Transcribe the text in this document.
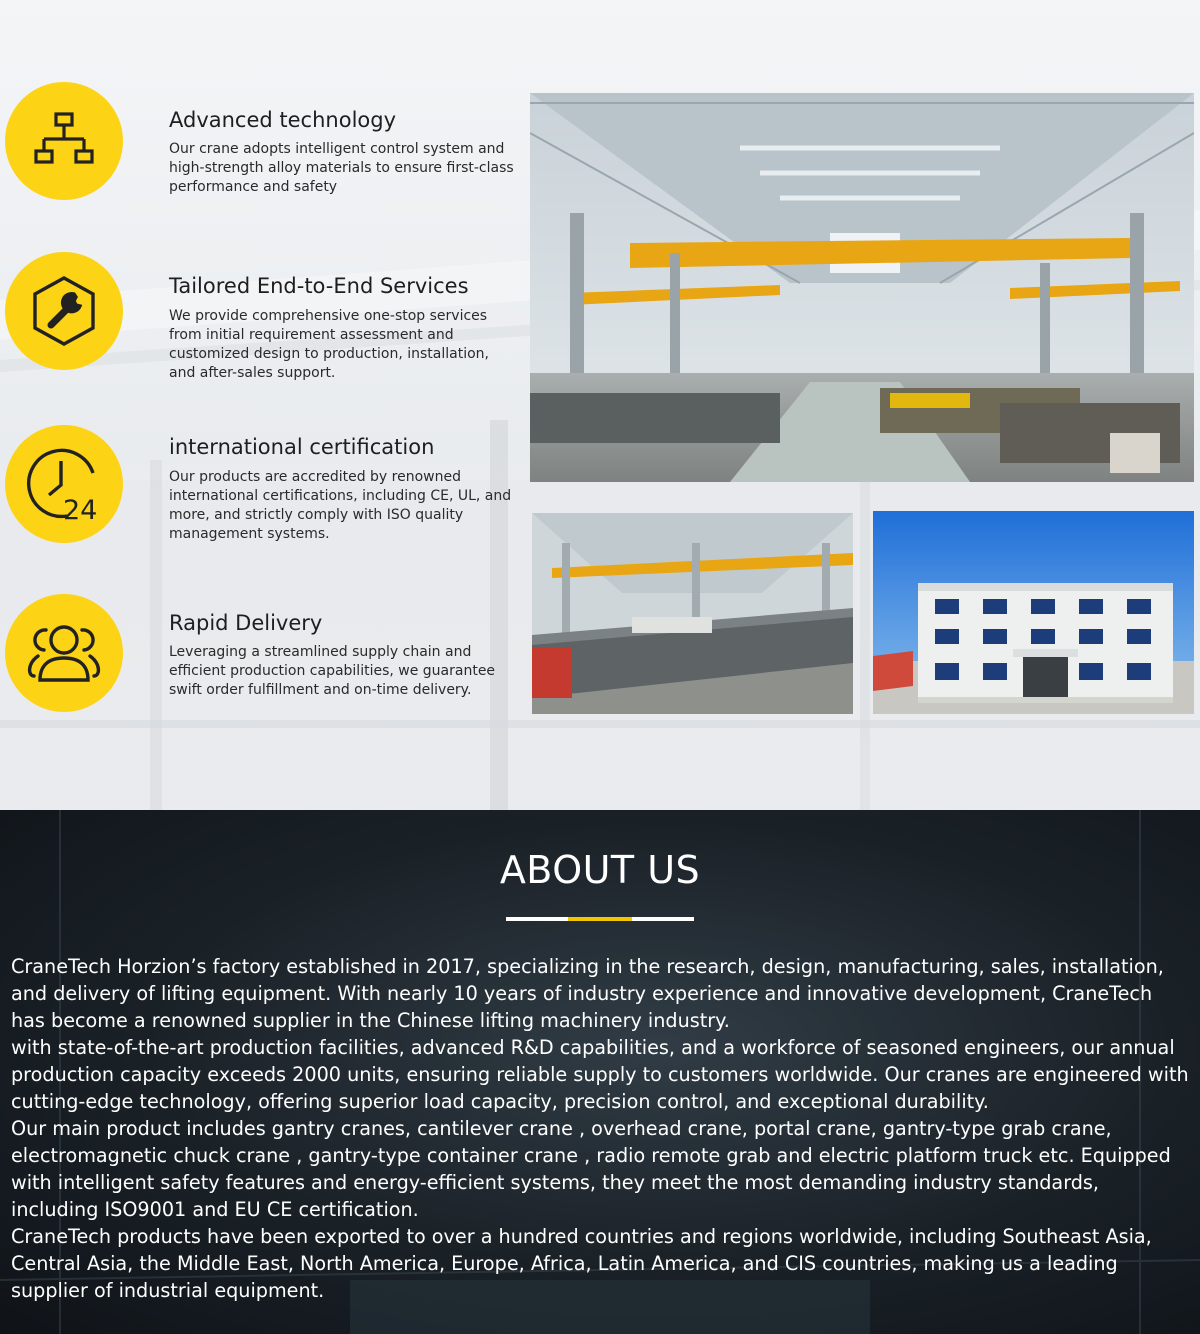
Advanced technology

Our crane adopts intelligent control system and high-strength alloy materials to ensure first-class performance and safety

Tailored End-to-End Services

We provide comprehensive one-stop services from initial requirement assessment and customized design to production, installation, and after-sales support.

24
international certification

Our products are accredited by renowned international certifications, including CE, UL, and more, and strictly comply with ISO quality management systems.

Rapid Delivery

Leveraging a streamlined supply chain and efficient production capabilities, we guarantee swift order fulfillment and on-time delivery.

ABOUT US

CraneTech Horzion’s factory established in 2017, specializing in the research, design, manufacturing, sales, installation, and delivery of lifting equipment. With nearly 10 years of industry experience and innovative development, CraneTech has become a renowned supplier in the Chinese lifting machinery industry.

with state-of-the-art production facilities, advanced R&D capabilities, and a workforce of seasoned engineers, our annual production capacity exceeds 2000 units, ensuring reliable supply to customers worldwide. Our cranes are engineered with cutting-edge technology, offering superior load capacity, precision control, and exceptional durability.

Our main product includes gantry cranes, cantilever crane , overhead crane, portal crane, gantry-type grab crane, electromagnetic chuck crane , gantry-type container crane , radio remote grab and electric platform truck etc. Equipped with intelligent safety features and energy-efficient systems, they meet the most demanding industry standards, including ISO9001 and EU CE certification.

CraneTech products have been exported to over a hundred countries and regions worldwide, including Southeast Asia, Central Asia, the Middle East, North America, Europe, Africa, Latin America, and CIS countries, making us a leading supplier of industrial equipment.
